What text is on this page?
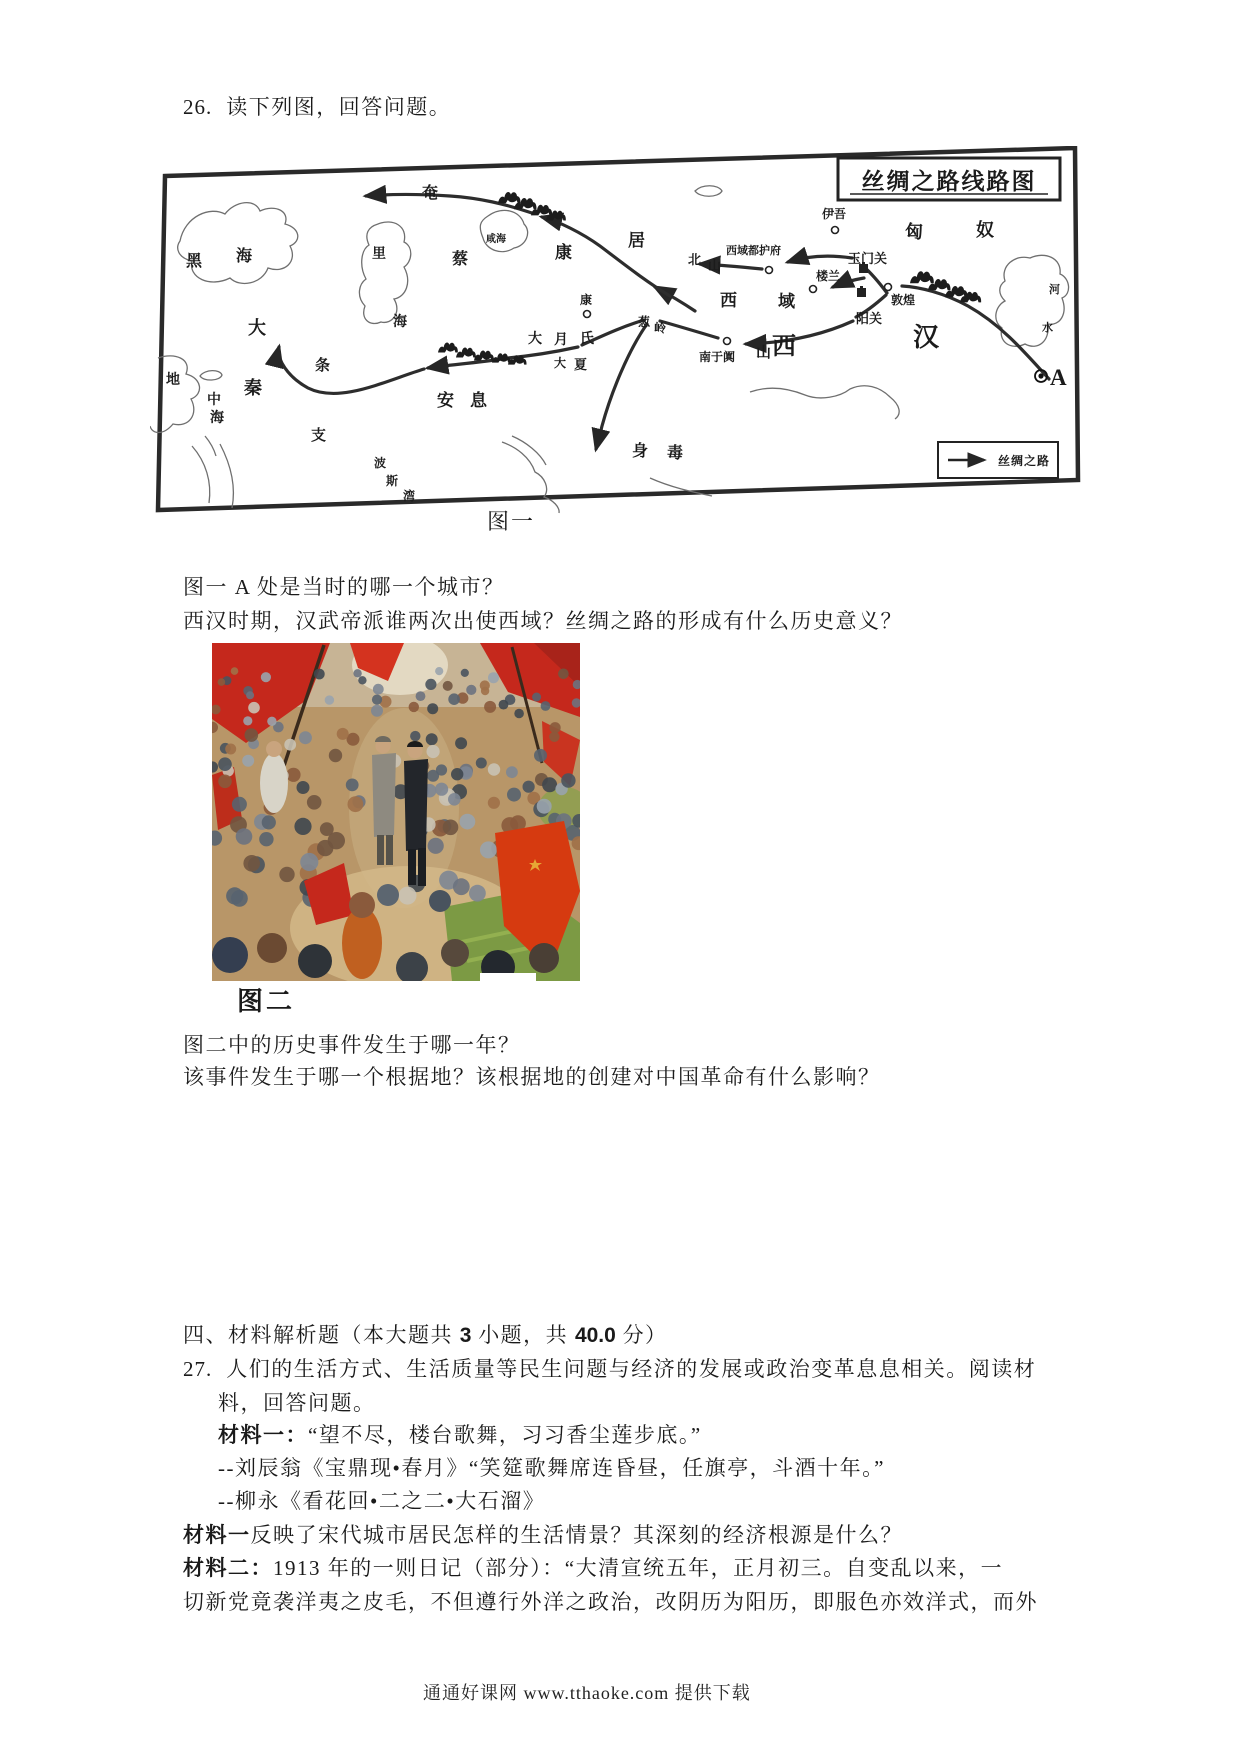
26. 读下列图，回答问题。
A
黑 海	里
海
咸海
奄
蔡	康
居
康
葱 岭
大
秦
地
中
海
条
支
安 息
波
斯
湾
大 月 氏
大 夏
身 毒
匈	奴
伊吾
西域都护府
北 山	玉门关
楼兰
敦煌
阳关
西 域
南于阗 山 西	汉
河
水
丝绸之路线路图
丝绸之路
图一
图一 A 处是当时的哪一个城市？
西汉时期，汉武帝派谁两次出使西域？丝绸之路的形成有什么历史意义？
图二
图二中的历史事件发生于哪一年？
该事件发生于哪一个根据地？该根据地的创建对中国革命有什么影响？
四、材料解析题（本大题共 3 小题，共 40.0 分）
27. 人们的生活方式、生活质量等民生问题与经济的发展或政治变革息息相关。阅读材
料，回答问题。
材料一：“望不尽，楼台歌舞，习习香尘莲步底。”
--刘辰翁《宝鼎现•春月》“笑筵歌舞席连昏昼，任旗亭，斗酒十年。”
--柳永《看花回•二之二•大石溜》
材料一反映了宋代城市居民怎样的生活情景？其深刻的经济根源是什么？
材料二：1913 年的一则日记（部分）：“大清宣统五年，正月初三。自变乱以来，一
切新党竟袭洋夷之皮毛，不但遵行外洋之政治，改阴历为阳历，即服色亦效洋式，而外
通通好课网 www.tthaoke.com 提供下载
